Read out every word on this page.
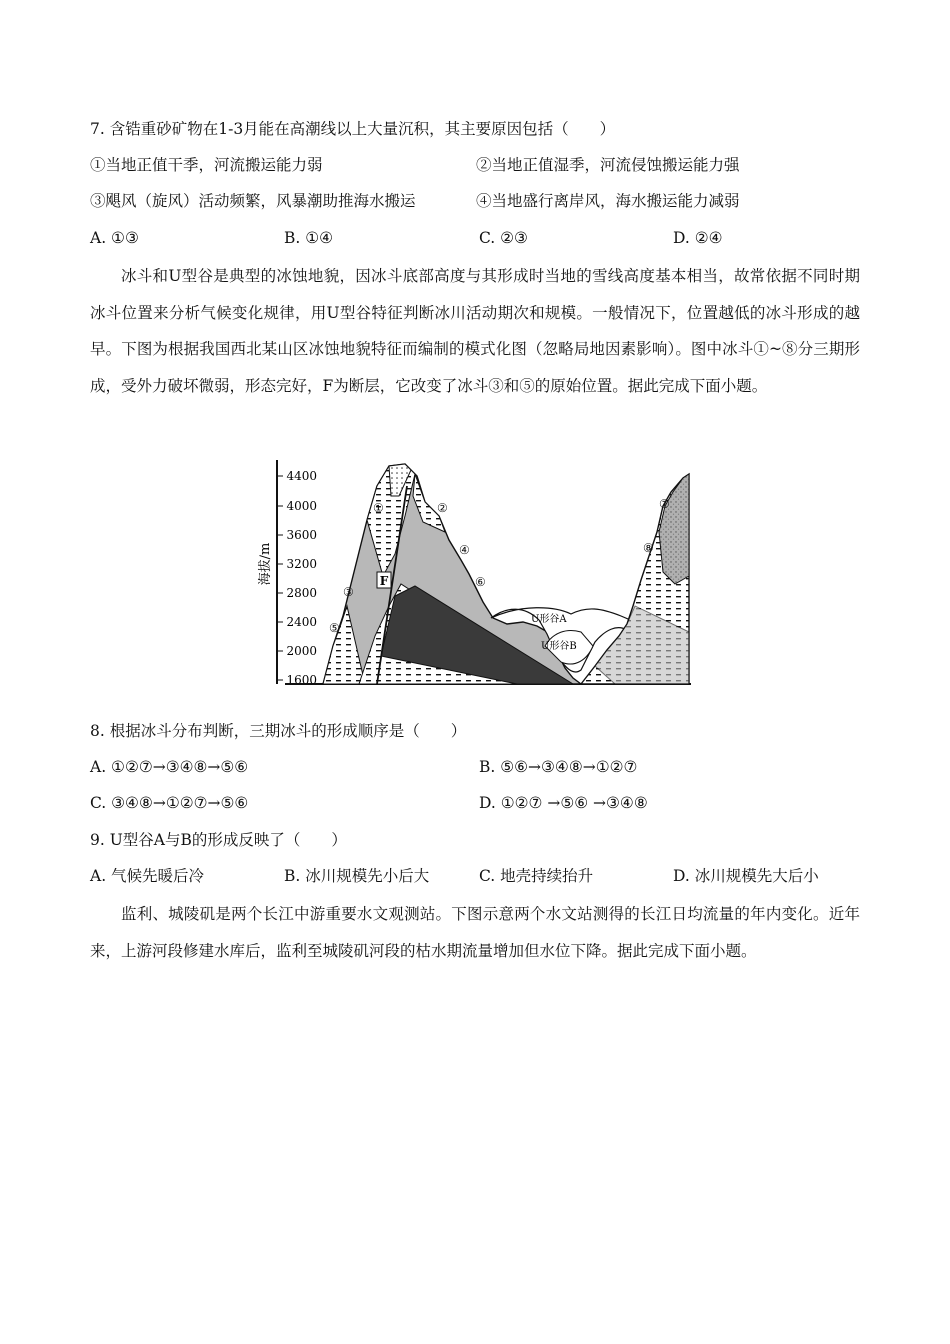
7. 含锆重砂矿物在1-3月能在高潮线以上大量沉积，其主要原因包括（　　）
①当地正值干季，河流搬运能力弱	②当地正值湿季，河流侵蚀搬运能力强
③飓风（旋风）活动频繁，风暴潮助推海水搬运	④当地盛行离岸风，海水搬运能力减弱
A. ①③	B. ①④	C. ②③	D. ②④
冰斗和U型谷是典型的冰蚀地貌，因冰斗底部高度与其形成时当地的雪线高度基本相当，故常依据不同时期冰斗位置来分析气候变化规律，用U型谷特征判断冰川活动期次和规模。一般情况下，位置越低的冰斗形成的越早。下图为根据我国西北某山区冰蚀地貌特征而编制的模式化图（忽略局地因素影响）。图中冰斗①~⑧分三期形成，受外力破坏微弱，形态完好，F为断层，它改变了冰斗③和⑤的原始位置。据此完成下面小题。
海拔/m
4400
4000
3600
3200
2800
2400
2000
1600
F
U形谷A
U形谷B
①	②
③
④
⑤
⑥
⑦
⑧
8. 根据冰斗分布判断，三期冰斗的形成顺序是（　　）
A. ①②⑦→③④⑧→⑤⑥	B. ⑤⑥→③④⑧→①②⑦
C. ③④⑧→①②⑦→⑤⑥	D. ①②⑦ →⑤⑥ →③④⑧
9. U型谷A与B的形成反映了（　　）
A. 气候先暖后冷	B. 冰川规模先小后大	C. 地壳持续抬升	D. 冰川规模先大后小
监利、城陵矶是两个长江中游重要水文观测站。下图示意两个水文站测得的长江日均流量的年内变化。近年来，上游河段修建水库后，监利至城陵矶河段的枯水期流量增加但水位下降。据此完成下面小题。
